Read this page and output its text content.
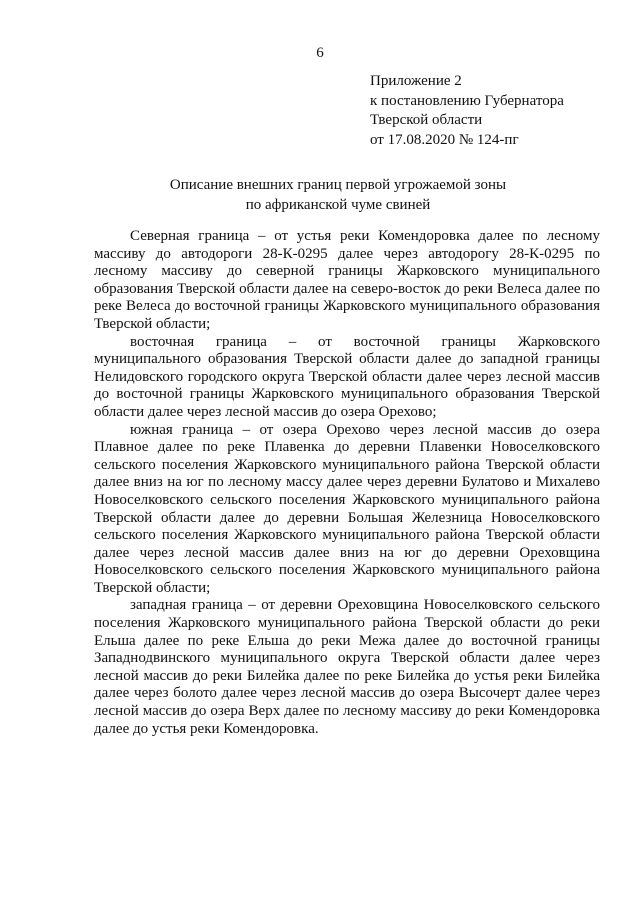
6
Приложение 2
к постановлению Губернатора
Тверской области
от 17.08.2020 № 124-пг
Описание внешних границ первой угрожаемой зоны
по африканской чуме свиней

Северная граница – от устья реки Комендоровка далее по лесному массиву до автодороги 28-К-0295 далее через автодорогу 28-К-0295 по лесному массиву до северной границы Жарковского муниципального образования Тверской области далее на северо-восток до реки Велеса далее по реке Велеса до восточной границы Жарковского муниципального образования Тверской области;

восточная граница – от восточной границы Жарковского муниципального образования Тверской области далее до западной границы Нелидовского городского округа Тверской области далее через лесной массив до восточной границы Жарковского муниципального образования Тверской области далее через лесной массив до озера Орехово;

южная граница – от озера Орехово через лесной массив до озера Плавное далее по реке Плавенка до деревни Плавенки Новоселковского сельского поселения Жарковского муниципального района Тверской области далее вниз на юг по лесному массу далее через деревни Булатово и Михалево Новоселковского сельского поселения Жарковского муниципального района Тверской области далее до деревни Большая Железница Новоселковского сельского поселения Жарковского муниципального района Тверской области далее через лесной массив далее вниз на юг до деревни Ореховщина Новоселковского сельского поселения Жарковского муниципального района Тверской области;

западная граница – от деревни Ореховщина Новоселковского сельского поселения Жарковского муниципального района Тверской области до реки Ельша далее по реке Ельша до реки Межа далее до восточной границы Западнодвинского муниципального округа Тверской области далее через лесной массив до реки Билейка далее по реке Билейка до устья реки Билейка далее через болото далее через лесной массив до озера Высочерт далее через лесной массив до озера Верх далее по лесному массиву до реки Комендоровка далее до устья реки Комендоровка.
